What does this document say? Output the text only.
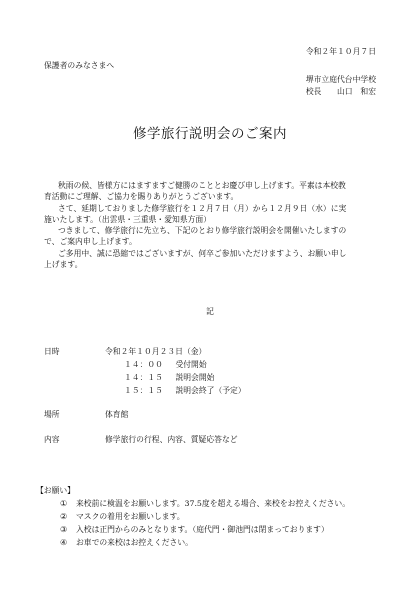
令和２年１０月７日
保護者のみなさまへ
堺市立庭代台中学校
校長　　山口　和宏
修学旅行説明会のご案内
秋雨の候、皆様方にはますますご健勝のこととお慶び申し上げます。平素は本校教
育活動にご理解、ご協力を賜りありがとうございます。
さて、延期しておりました修学旅行を１２月７日（月）から１２月９日（水）に実
施いたします。（出雲県・三重県・愛知県方面）
つきまして、修学旅行に先立ち、下記のとおり修学旅行説明会を開催いたしますの
で、ご案内申し上げます。
ご多用中、誠に恐縮ではございますが、何卒ご参加いただけますよう、お願い申し
上げます。
記
日時	令和２年１０月２３日（金）
１４：００ 受付開始
１４：１５ 説明会開始
１５：１５ 説明会終了（予定）
場所	体育館
内容	修学旅行の行程、内容、質疑応答など
【お願い】
① 来校前に検温をお願いします。37.5度を超える場合、来校をお控えください。
② マスクの着用をお願いします。
③ 入校は正門からのみとなります。（庭代門・御池門は閉まっております）
④ お車での来校はお控えください。
